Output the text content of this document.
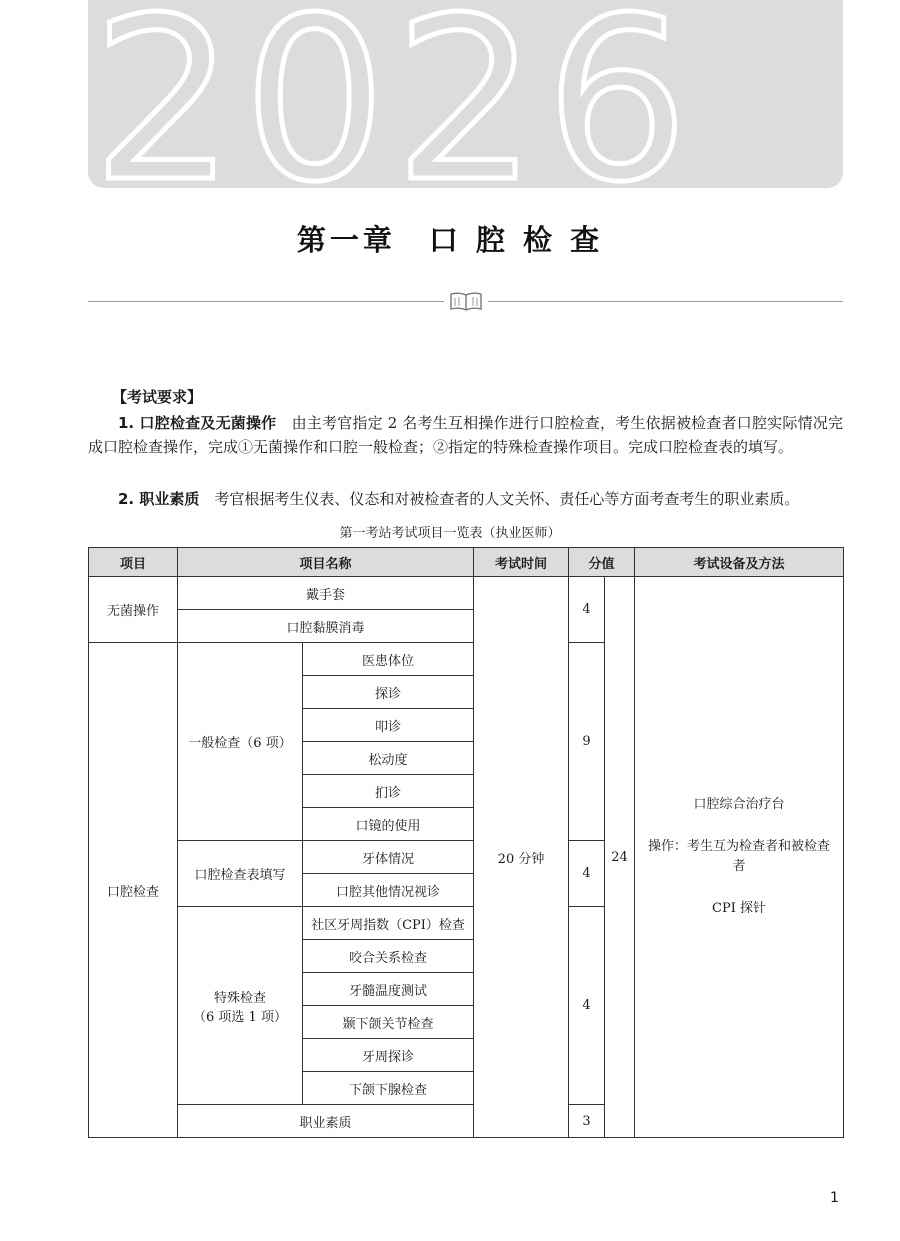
2026
第一章　口 腔 检 查
【考试要求】
1. 口腔检查及无菌操作　由主考官指定 2 名考生互相操作进行口腔检查，考生依据被检查者口腔实际情况完成口腔检查操作，完成①无菌操作和口腔一般检查；②指定的特殊检查操作项目。完成口腔检查表的填写。
2. 职业素质　考官根据考生仪表、仪态和对被检查者的人文关怀、责任心等方面考查考生的职业素质。
第一考站考试项目一览表（执业医师）
项目	项目名称		考试时间	分值		考试设备及方法
无菌操作	戴手套		20 分钟	4	24	口腔综合治疗台

操作：考生互为检查者和被检查者

CPI 探针

	口腔黏膜消毒					
口腔检查	一般检查（6 项）	医患体位		9		
		探诊				
		叩诊				
		松动度				
		扪诊				
		口镜的使用				
	口腔检查表填写	牙体情况		4		
		口腔其他情况视诊				

	特殊检查
（6 项选 1 项）	社区牙周指数（CPI）检查		4		
		咬合关系检查				
		牙髓温度测试				
		颞下颌关节检查				
		牙周探诊				
		下颌下腺检查				
	职业素质			3		
1
